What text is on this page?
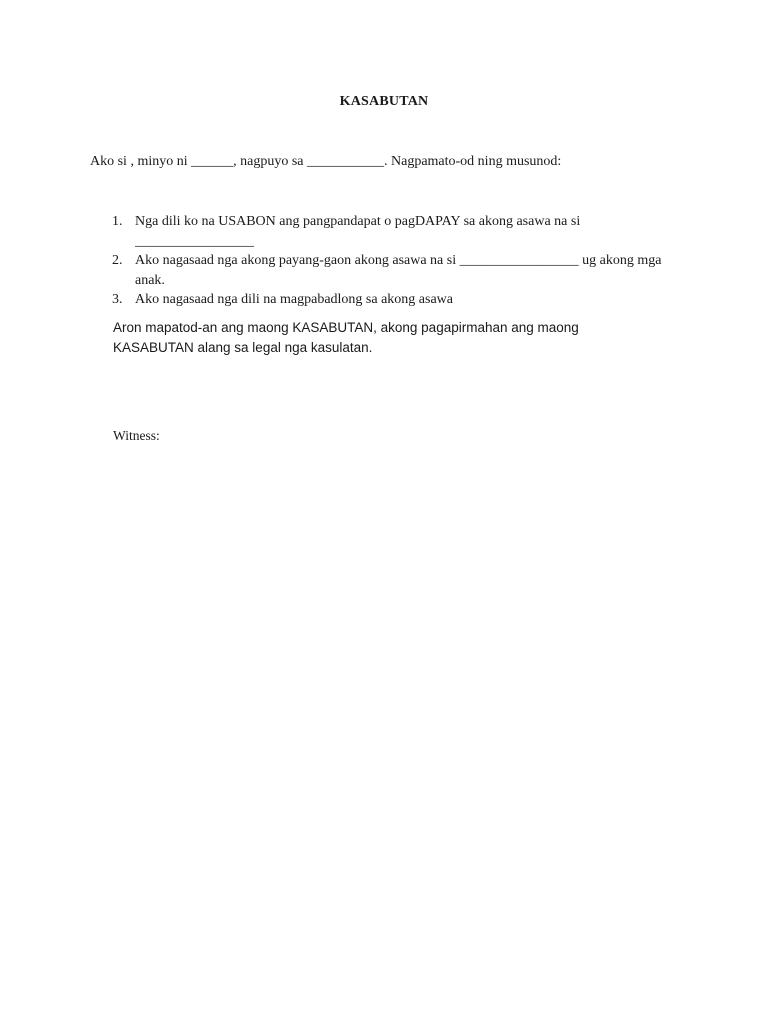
KASABUTAN
Ako si , minyo ni ______, nagpuyo sa ___________. Nagpamato-od ning musunod:
1. Nga dili ko na USABON ang pangpandapat o pagDAPAY sa akong asawa na si _________________
2. Ako nagasaad nga akong payang-gaon akong asawa na si _________________ ug akong mga anak.
3. Ako nagasaad nga dili na magpabadlong sa akong asawa
Aron mapatod-an ang maong KASABUTAN, akong pagapirmahan ang maong KASABUTAN alang sa legal nga kasulatan.
Witness:
